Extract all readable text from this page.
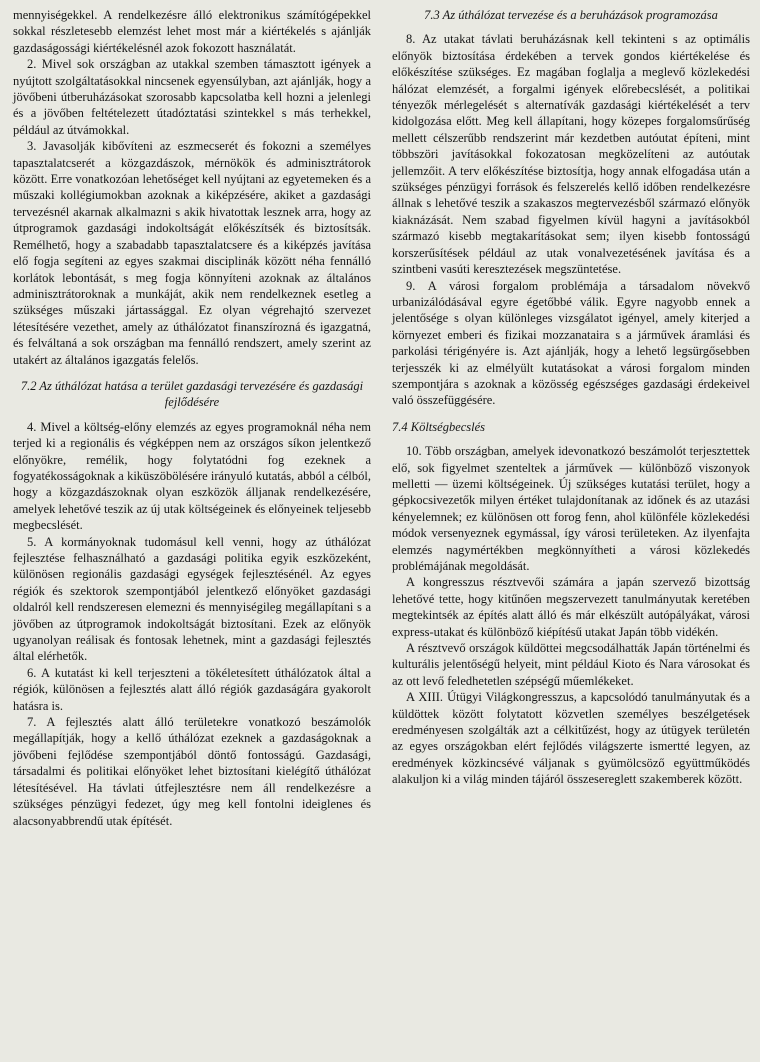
mennyiségekkel. A rendelkezésre álló elektronikus számítógépekkel sokkal részletesebb elemzést lehet most már a kiértékelés s ajánlják gazdaságossági kiértékelésnél azok fokozott használatát.

2. Mivel sok országban az utakkal szemben támasztott igények a nyújtott szolgáltatásokkal nincsenek egyensúlyban, azt ajánlják, hogy a jövőbeni útberuházásokat szorosabb kapcsolatba kell hozni a jelenlegi és a jövőben feltételezett útadóztatási szintekkel s más terhekkel, például az útvámokkal.

3. Javasolják kibővíteni az eszmecserét és fokozni a személyes tapasztalatcserét a közgazdászok, mérnökök és adminisztrátorok között. Erre vonatkozóan lehetőséget kell nyújtani az egyetemeken és a műszaki kollégiumokban azoknak a kiképzésére, akiket a gazdasági tervezésnél akarnak alkalmazni s akik hivatottak lesznek arra, hogy az útprogramok gazdasági indokoltságát előkészítsék és biztosítsák. Remélhető, hogy a szabadabb tapasztalatcsere és a kiképzés javítása elő fogja segíteni az egyes szakmai disciplinák között néha fennálló korlátok lebontását, s meg fogja könnyíteni azoknak az általános adminisztrátoroknak a munkáját, akik nem rendelkeznek esetleg a szükséges műszaki jártassággal. Ez olyan végrehajtó szervezet létesítésére vezethet, amely az úthálózatot finanszírozná és igazgatná, és felváltaná a sok országban ma fennálló rendszert, amely szerint az utakért az általános igazgatás felelős.

7.2 Az úthálózat hatása a terület gazdasági tervezésére és gazdasági fejlődésére

4. Mivel a költség-előny elemzés az egyes programoknál néha nem terjed ki a regionális és végképpen nem az országos síkon jelentkező előnyökre, remélik, hogy folytatódni fog ezeknek a fogyatékosságoknak a kiküszöbölésére irányuló kutatás, abból a célból, hogy a közgazdászoknak olyan eszközök álljanak rendelkezésére, amelyek lehetővé teszik az új utak költségeinek és előnyeinek teljesebb megbecslését.

5. A kormányoknak tudomásul kell venni, hogy az úthálózat fejlesztése felhasználható a gazdasági politika egyik eszközeként, különösen regionális gazdasági egységek fejlesztésénél. Az egyes régiók és szektorok szempontjából jelentkező előnyöket gazdasági oldalról kell rendszeresen elemezni és mennyiségileg megállapítani s a jövőben az útprogramok indokoltságát biztosítani. Ezek az előnyök ugyanolyan reálisak és fontosak lehetnek, mint a gazdasági fejlesztés által elérhetők.

6. A kutatást ki kell terjeszteni a tökéletesített úthálózatok által a régiók, különösen a fejlesztés alatt álló régiók gazdaságára gyakorolt hatásra is.

7. A fejlesztés alatt álló területekre vonatkozó beszámolók megállapítják, hogy a kellő úthálózat ezeknek a gazdaságoknak a jövőbeni fejlődése szempontjából döntő fontosságú. Gazdasági, társadalmi és politikai előnyöket lehet biztosítani kielégítő úthálózat létesítésével. Ha távlati útfejlesztésre nem áll rendelkezésre a szükséges pénzügyi fedezet, úgy meg kell fontolni ideiglenes és alacsonyabbrendű utak építését.

7.3 Az úthálózat tervezése és a beruházások programozása

8. Az utakat távlati beruházásnak kell tekinteni s az optimális előnyök biztosítása érdekében a tervek gondos kiértékelése és előkészítése szükséges. Ez magában foglalja a meglevő közlekedési hálózat elemzését, a forgalmi igények előrebecslését, a politikai tényezők mérlegelését s alternatívák gazdasági kiértékelését a terv kidolgozása előtt. Meg kell állapítani, hogy közepes forgalomsűrűség mellett célszerűbb rendszerint már kezdetben autóutat építeni, mint többszöri javításokkal fokozatosan megközelíteni az autóutak jellemzőit. A terv előkészítése biztosítja, hogy annak elfogadása után a szükséges pénzügyi források és felszerelés kellő időben rendelkezésre állnak s lehetővé teszik a szakaszos megtervezésből származó előnyök kiaknázását. Nem szabad figyelmen kívül hagyni a javításokból származó kisebb megtakarításokat sem; ilyen kisebb fontosságú korszerűsítések például az utak vonalvezetésének javítása és a szintbeni vasúti keresztezések megszüntetése.

9. A városi forgalom problémája a társadalom növekvő urbanizálódásával egyre égetőbbé válik. Egyre nagyobb ennek a jelentősége s olyan különleges vizsgálatot igényel, amely kiterjed a környezet emberi és fizikai mozzanataira s a járművek áramlási és parkolási térigényére is. Azt ajánlják, hogy a lehető legsürgősebben terjesszék ki az elmélyült kutatásokat a városi forgalom minden szempontjára s azoknak a közösség egészséges gazdasági érdekeivel való összefüggésére.

7.4 Költségbecslés

10. Több országban, amelyek idevonatkozó beszámolót terjesztettek elő, sok figyelmet szenteltek a járművek — különböző viszonyok melletti — üzemi költségeinek. Új szükséges kutatási terület, hogy a gépkocsivezetők milyen értéket tulajdonítanak az időnek és az utazási kényelemnek; ez különösen ott forog fenn, ahol különféle közlekedési módok versenyeznek egymással, így városi területeken. Az ilyenfajta elemzés nagymértékben megkönnyítheti a városi közlekedés problémájának megoldását.

A kongresszus résztvevői számára a japán szervező bizottság lehetővé tette, hogy kitűnően megszervezett tanulmányutak keretében megtekintsék az építés alatt álló és már elkészült autópályákat, városi express-utakat és különböző kiépítésű utakat Japán több vidékén.

A résztvevő országok küldöttei megcsodálhatták Japán történelmi és kulturális jelentőségű helyeit, mint például Kioto és Nara városokat és az ott levő feledhetetlen szépségű műemlékeket.

A XIII. Útügyi Világkongresszus, a kapcsolódó tanulmányutak és a küldöttek között folytatott közvetlen személyes beszélgetések eredményesen szolgálták azt a célkitűzést, hogy az útügyek területén az egyes országokban elért fejlődés világszerte ismertté legyen, az eredmények közkincsévé váljanak s gyümölcsöző együttműködés alakuljon ki a világ minden tájáról összesereglett szakemberek között.
